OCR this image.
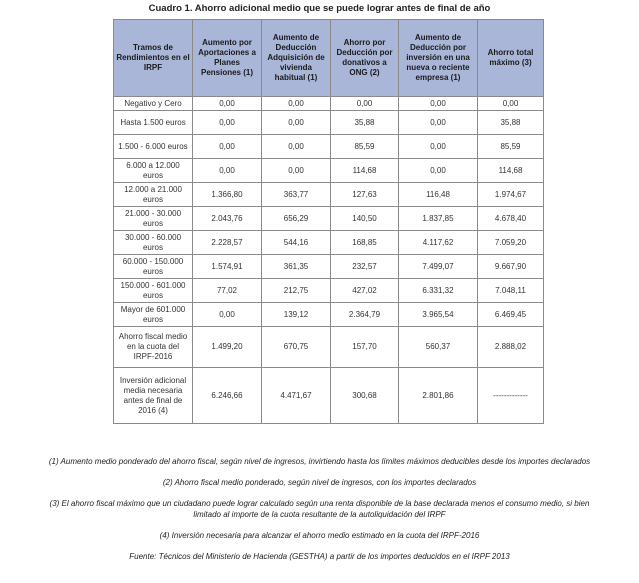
Cuadro 1. Ahorro adicional medio que se puede lograr antes de final de año
Tramos de Rendimientos en el IRPF	Aumento por Aportaciones a Planes Pensiones (1)	Aumento de Deducción Adquisición de vivienda habitual (1)	Ahorro por Deducción por donativos a ONG (2)	Aumento de Deducción por inversión en una nueva o reciente empresa (1)	Ahorro total máximo (3)
Negativo y Cero	0,00	0,00	0,00	0,00	0,00
Hasta 1.500 euros	0,00	0,00	35,88	0,00	35,88
1.500 - 6.000 euros	0,00	0,00	85,59	0,00	85,59
6.000 a 12.000 euros	0,00	0,00	114,68	0,00	114,68
12.000 a 21.000 euros	1.366,80	363,77	127,63	116,48	1.974,67
21.000 - 30.000 euros	2.043,76	656,29	140,50	1.837,85	4.678,40
30.000 - 60.000 euros	2.228,57	544,16	168,85	4.117,62	7.059,20
60.000 - 150.000 euros	1.574,91	361,35	232,57	7.499,07	9.667,90
150.000 - 601.000 euros	77,02	212,75	427,02	6.331,32	7.048,11
Mayor de 601.000 euros	0,00	139,12	2.364,79	3.965,54	6.469,45
Ahorro fiscal medio en la cuota del IRPF-2016	1.499,20	670,75	157,70	560,37	2.888,02
Inversión adicional media necesaria antes de final de 2016 (4)	6.246,66	4.471,67	300,68	2.801,86	-------------

(1) Aumento medio ponderado del ahorro fiscal, según nivel de ingresos, invirtiendo hasta los límites máximos deducibles desde los importes declarados

(2) Ahorro fiscal medio ponderado, según nivel de ingresos, con los importes declarados

(3) El ahorro fiscal máximo que un ciudadano puede lograr calculado según una renta disponible de la base declarada menos el consumo medio, si bien limitado al importe de la cuota resultante de la autoliquidación del IRPF

(4) Inversión necesaria para alcanzar el ahorro medio estimado en la cuota del IRPF-2016

Fuente: Técnicos del Ministerio de Hacienda (GESTHA) a partir de los importes deducidos en el IRPF 2013
